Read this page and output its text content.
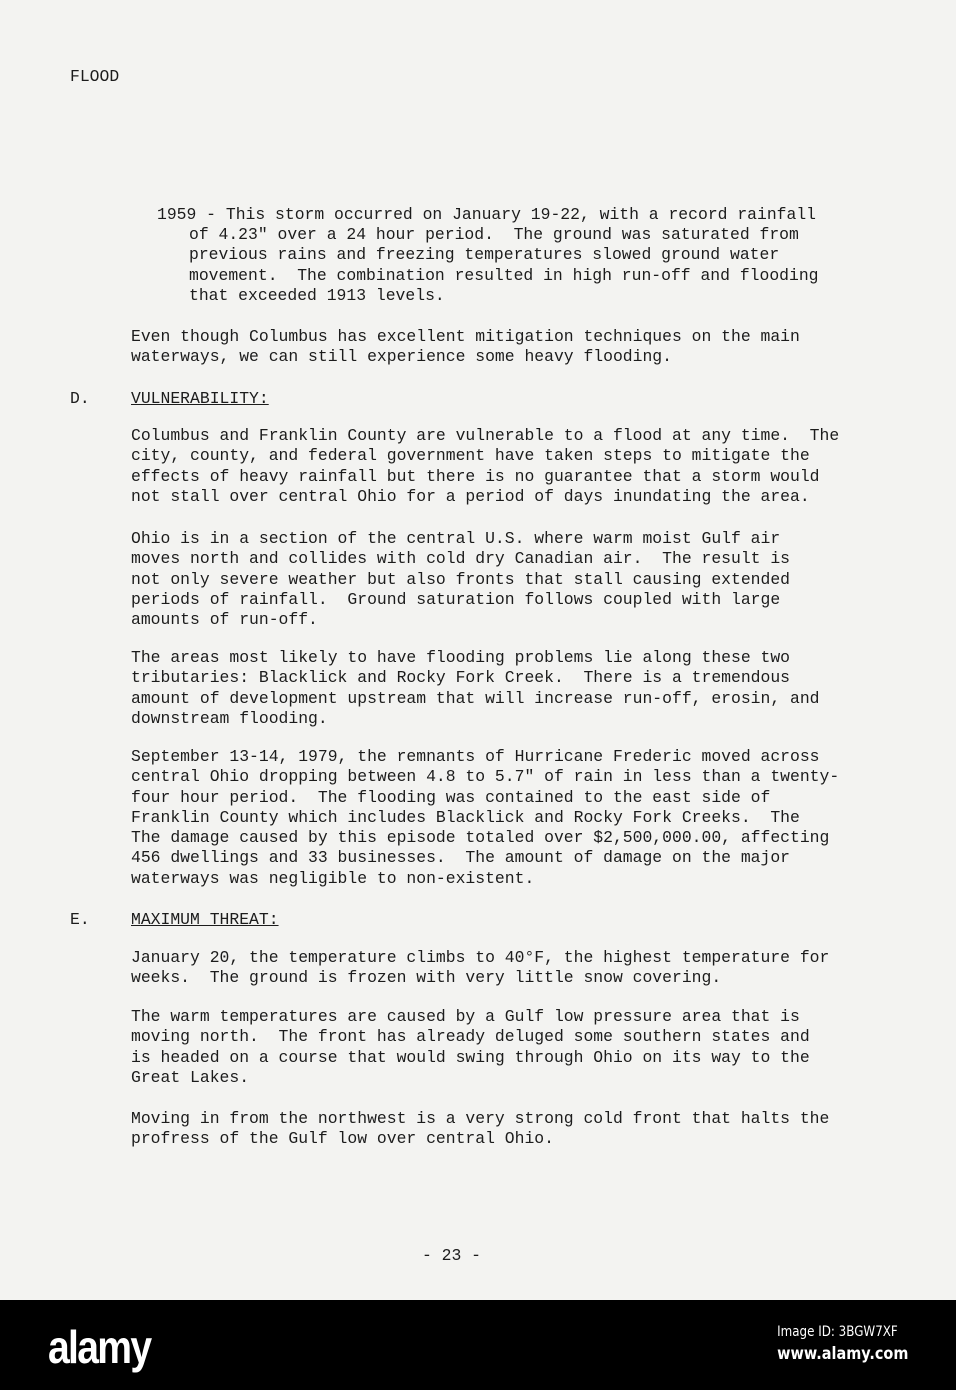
FLOOD
1959 - This storm occurred on January 19-22, with a record rainfall
of 4.23" over a 24 hour period.  The ground was saturated from
previous rains and freezing temperatures slowed ground water
movement.  The combination resulted in high run-off and flooding
that exceeded 1913 levels.
Even though Columbus has excellent mitigation techniques on the main
waterways, we can still experience some heavy flooding.
D.	VULNERABILITY:
Columbus and Franklin County are vulnerable to a flood at any time.  The
city, county, and federal government have taken steps to mitigate the
effects of heavy rainfall but there is no guarantee that a storm would
not stall over central Ohio for a period of days inundating the area.
Ohio is in a section of the central U.S. where warm moist Gulf air
moves north and collides with cold dry Canadian air.  The result is
not only severe weather but also fronts that stall causing extended
periods of rainfall.  Ground saturation follows coupled with large
amounts of run-off.
The areas most likely to have flooding problems lie along these two
tributaries: Blacklick and Rocky Fork Creek.  There is a tremendous
amount of development upstream that will increase run-off, erosin, and
downstream flooding.
September 13-14, 1979, the remnants of Hurricane Frederic moved across
central Ohio dropping between 4.8 to 5.7" of rain in less than a twenty-
four hour period.  The flooding was contained to the east side of
Franklin County which includes Blacklick and Rocky Fork Creeks.  The
The damage caused by this episode totaled over $2,500,000.00, affecting
456 dwellings and 33 businesses.  The amount of damage on the major
waterways was negligible to non-existent.
E.	MAXIMUM THREAT:
January 20, the temperature climbs to 40°F, the highest temperature for
weeks.  The ground is frozen with very little snow covering.
The warm temperatures are caused by a Gulf low pressure area that is
moving north.  The front has already deluged some southern states and
is headed on a course that would swing through Ohio on its way to the
Great Lakes.
Moving in from the northwest is a very strong cold front that halts the
profress of the Gulf low over central Ohio.
- 23 -
alamy	Image ID: 3BGW7XF
www.alamy.com
